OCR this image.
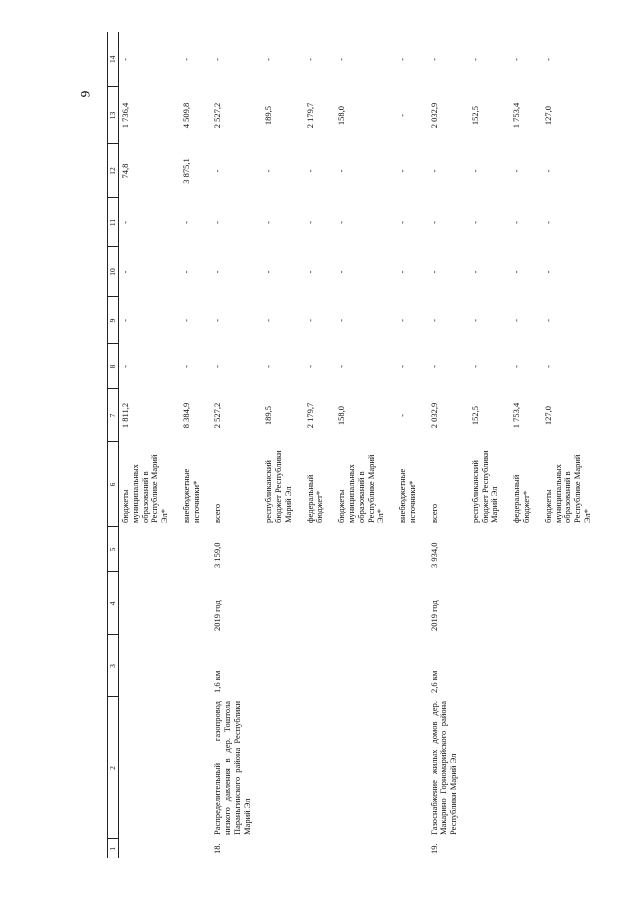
9
1	2	3	4	5	6	7	8	9	10	11	12	13	14
					бюджеты муниципальных образований в Республике Марий Эл*	1 811,2	-	-	-	-	74,8	1 736,4	-
					внебюджетные источники*	8 384,9	-	-	-	-	3 875,1	4 509,8	-
18.	Распределительный газопровод низкого давления в дер. Тоштола Параньгинского района Республики Марий Эл	1,6 км	2019 год	3 159,0	всего	2 527,2	-	-	-	-	-	2 527,2	-
					республиканский бюджет Республики Марий Эл	189,5	-	-	-	-	-	189,5	-
					федеральный бюджет*	2 179,7	-	-	-	-	-	2 179,7	-
					бюджеты муниципальных образований в Республике Марий Эл*	158,0	-	-	-	-	-	158,0	-
					внебюджетные источники*	-	-	-	-	-	-	-	-
19.	Газоснабжение жилых домов дер. Макарино Горномарийского района Республики Марий Эл	2,6 км	2019 год	3 934,0	всего	2 032,9	-	-	-	-	-	2 032,9	-
					республиканский бюджет Республики Марий Эл	152,5	-	-	-	-	-	152,5	-
					федеральный бюджет*	1 753,4	-	-	-	-	-	1 753,4	-
					бюджеты муниципальных образований в Республике Марий Эл*	127,0	-	-	-	-	-	127,0	-
